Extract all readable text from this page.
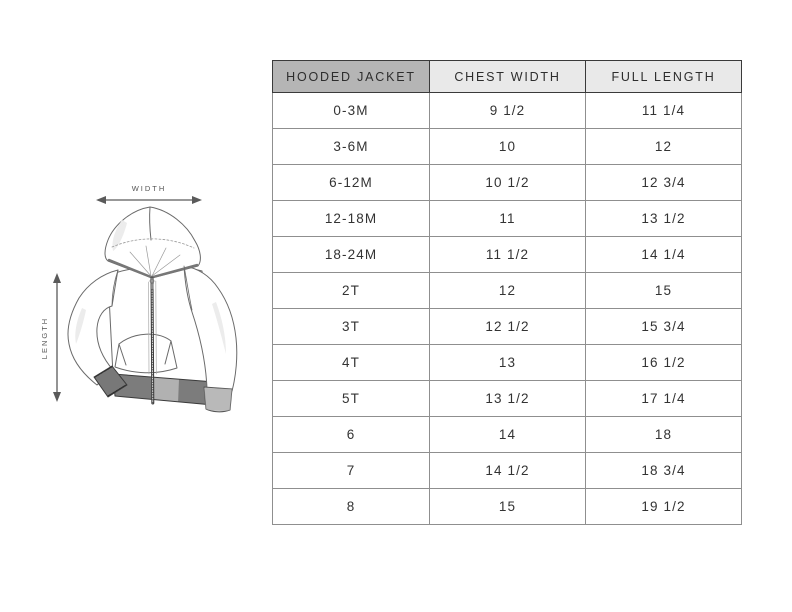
WIDTH
LENGTH
HOODED JACKET	CHEST WIDTH	FULL LENGTH
0-3M	9 1/2	11 1/4
3-6M	10	12
6-12M	10 1/2	12 3/4
12-18M	11	13 1/2
18-24M	11 1/2	14 1/4
2T	12	15
3T	12 1/2	15 3/4
4T	13	16 1/2
5T	13 1/2	17 1/4
6	14	18
7	14 1/2	18 3/4
8	15	19 1/2
